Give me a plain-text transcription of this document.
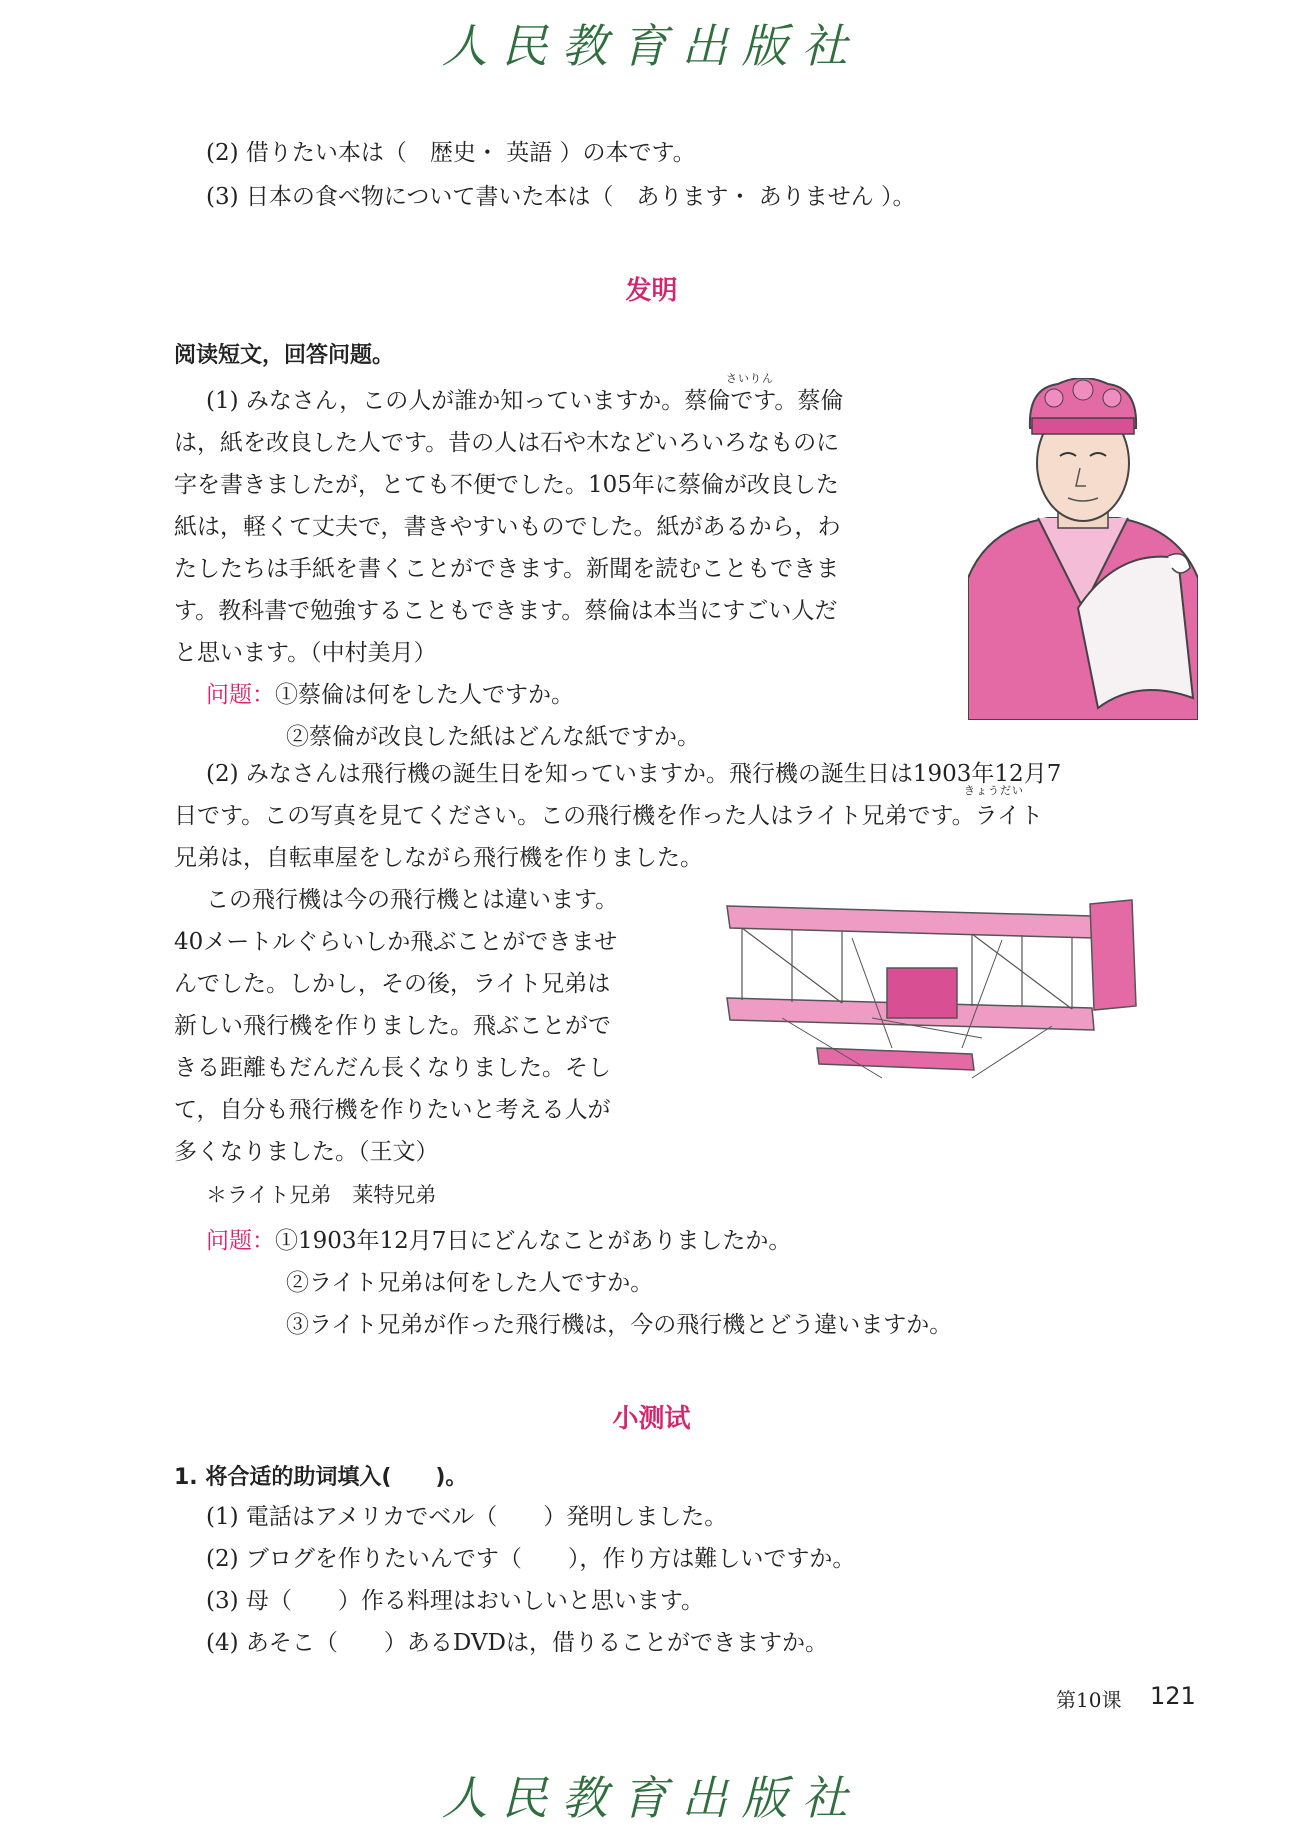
人民教育出版社
(2) 借りたい本は（　歴史・ 英語 ）の本です。
(3) 日本の食べ物について書いた本は（　あります・ ありません ）。
发明
阅读短文，回答问题。
さいりん
(1) みなさん，この人が誰か知っていますか。蔡倫です。蔡倫
は，紙を改良した人です。昔の人は石や木などいろいろなものに
字を書きましたが，とても不便でした。105年に蔡倫が改良した
紙は，軽くて丈夫で，書きやすいものでした。紙があるから，わ
たしたちは手紙を書くことができます。新聞を読むこともできま
す。教科書で勉強することもできます。蔡倫は本当にすごい人だ
と思います。（中村美月）
问题：①蔡倫は何をした人ですか。
②蔡倫が改良した紙はどんな紙ですか。
きょうだい
(2) みなさんは飛行機の誕生日を知っていますか。飛行機の誕生日は1903年12月7
日です。この写真を見てください。この飛行機を作った人はライト兄弟です。ライト
兄弟は，自転車屋をしながら飛行機を作りました。
この飛行機は今の飛行機とは違います。
40メートルぐらいしか飛ぶことができませ
んでした。しかし，その後，ライト兄弟は
新しい飛行機を作りました。飛ぶことがで
きる距離もだんだん長くなりました。そし
て，自分も飛行機を作りたいと考える人が
多くなりました。（王文）
＊ライト兄弟　莱特兄弟
问题：①1903年12月7日にどんなことがありましたか。
②ライト兄弟は何をした人ですか。
③ライト兄弟が作った飛行機は，今の飛行機とどう違いますか。
小测试
1. 将合适的助词填入(　　)。
(1) 電話はアメリカでベル（　　）発明しました。
(2) ブログを作りたいんです（　　），作り方は難しいですか。
(3) 母（　　）作る料理はおいしいと思います。
(4) あそこ（　　）あるDVDは，借りることができますか。
第10课 121
人民教育出版社
